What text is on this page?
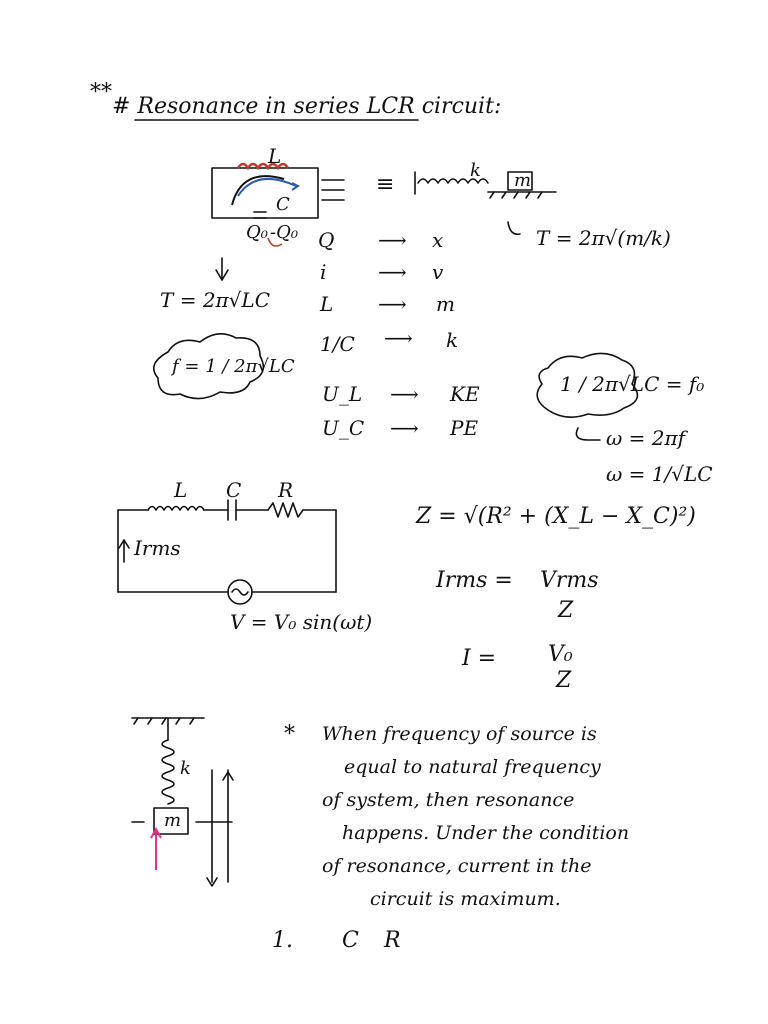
**
# Resonance in series LCR circuit:
L
C
Q₀ -Q₀
≡
k m
T = 2π√(m/k)
T = 2π√LC
f = 1 / 2π√LC
Q ⟶ x
i	⟶ v
L ⟶ m
1/C ⟶ k
U_L ⟶ KE
U_C ⟶ PE
1 / 2π√LC = f₀
ω = 2πf
ω = 1/√LC
L C R
Irms
V = V₀ sin(ωt)
Z = √(R² + (X_L − X_C)²)
Irms = Vrms
Z
I = V₀
Z
k
m
* When frequency of source is
equal to natural frequency
of system, then resonance
happens. Under the condition
of resonance, current in the
circuit is maximum.
1. C R
